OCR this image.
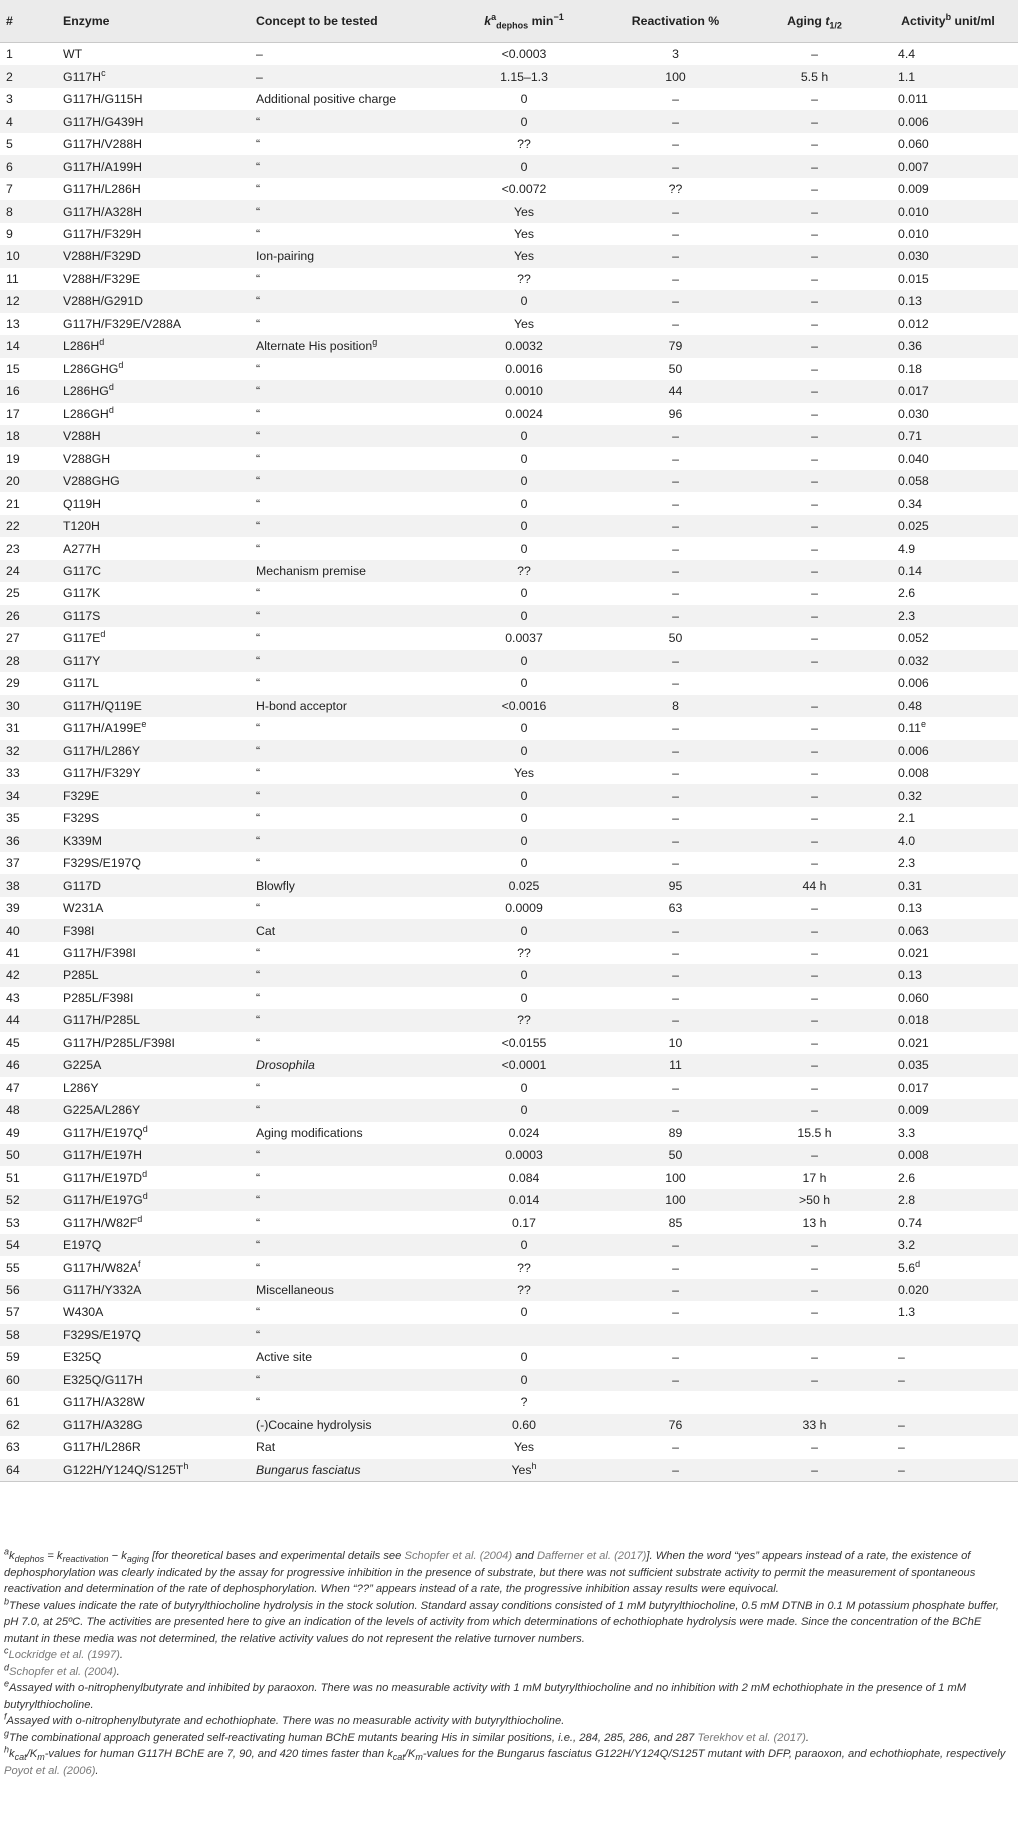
#	Enzyme	Concept to be tested	$k^a_{dephos}$ $\min^{-1}$	Reactivation %	Aging $t_{1/2}$	Activity$^b$ unit/ml
1	WT	–	<0.0003	3	–	4.4
2	$G117H^c$	–	1.15–1.3	100	5.5 h	1.1
3	G117H/G115H	Additional positive charge	0	–	–	0.011
4	G117H/G439H	“	0	–	–	0.006
5	G117H/V288H	“	??	–	–	0.060
6	G117H/A199H	“	0	–	–	0.007
7	G117H/L286H	“	<0.0072	??	–	0.009
8	G117H/A328H	“	Yes	–	–	0.010
9	G117H/F329H	“	Yes	–	–	0.010
10	V288H/F329D	Ion-pairing	Yes	–	–	0.030
11	V288H/F329E	“	??	–	–	0.015
12	V288H/G291D	“	0	–	–	0.13
13	G117H/F329E/V288A	“	Yes	–	–	0.012
14	$L286H^d$	Alternate His position$^g$	0.0032	79	–	0.36
15	L286GHG$^d$	“	0.0016	50	–	0.18
16	$L286HG^d$	“	0.0010	44	–	0.017
17	$L286GH^d$	“	0.0024	96	–	0.030
18	V288H	“	0	–	–	0.71
19	V288GH	“	0	–	–	0.040
20	V288GHG	“	0	–	–	0.058
21	Q119H	“	0	–	–	0.34
22	T120H	“	0	–	–	0.025
23	A277H	“	0	–	–	4.9
24	G117C	Mechanism premise	??	–	–	0.14
25	G117K	“	0	–	–	2.6
26	G117S	“	0	–	–	2.3
27	$G117E^d$	“	0.0037	50	–	0.052
28	G117Y	“	0	–	–	0.032
29	G117L	“	0	–		0.006
30	G117H/Q119E	H-bond acceptor	<0.0016	8	–	0.48
31	$G117H/A199E^e$	“	0	–	–	0.11e
32	G117H/L286Y	“	0	–	–	0.006
33	G117H/F329Y	“	Yes	–	–	0.008
34	F329E	“	0	–	–	0.32
35	F329S	“	0	–	–	2.1
36	K339M	“	0	–	–	4.0
37	F329S/E197Q	“	0	–	–	2.3
38	G117D	Blowfly	0.025	95	44 h	0.31
39	W231A	“	0.0009	63	–	0.13
40	F398I	Cat	0	–	–	0.063
41	G117H/F398I	“	??	–	–	0.021
42	P285L	“	0	–	–	0.13
43	P285L/F398I	“	0	–	–	0.060
44	G117H/P285L	“	??	–	–	0.018
45	G117H/P285L/F398I	“	<0.0155	10	–	0.021
46	G225A	Drosophila	<0.0001	11	–	0.035
47	L286Y	“	0	–	–	0.017
48	G225A/L286Y	“	0	–	–	0.009
49	$G117H/E197Q^d$	Aging modifications	0.024	89	15.5 h	3.3
50	G117H/E197H	“	0.0003	50	–	0.008
51	$G117H/E197D^d$	“	0.084	100	17 h	2.6
52	$G117H/E197G^d$	“	0.014	100	>50 h	2.8
53	$G117H/W82F^d$	“	0.17	85	13 h	0.74
54	E197Q	“	0	–	–	3.2
55	$G117H/W82A^f$	“	??	–	–	5.6$^d$
56	G117H/Y332A	Miscellaneous	??	–	–	0.020
57	W430A	“	0	–	–	1.3
58	F329S/E197Q	“				
59	E325Q	Active site	0	–	–	–
60	E325Q/G117H	“	0	–	–	–
61	G117H/A328W	“	?			
62	G117H/A328G	(-)Cocaine hydrolysis	0.60	76	33 h	–
63	G117H/L286R	Rat	Yes	–	–	–
64	$G122H/Y124Q/S125T^h$	Bungarus fasciatus	Yes$^h$	–	–	–

$^ak_{dephos} = k_{reactivation} - k_{aging}$ [for theoretical bases and experimental details see Schopfer et al. (2004) and Dafferner et al. (2017)]. When the word “yes” appears instead of a rate, the existence of dephosphorylation was clearly indicated by the assay for progressive inhibition in the presence of substrate, but there was not sufficient substrate activity to permit the measurement of spontaneous reactivation and determination of the rate of dephosphorylation. When “??” appears instead of a rate, the progressive inhibition assay results were equivocal.

$^b$These values indicate the rate of butyrylthiocholine hydrolysis in the stock solution. Standard assay conditions consisted of 1 mM butyrylthiocholine, 0.5 mM DTNB in 0.1 M potassium phosphate buffer, pH 7.0, at 25ºC. The activities are presented here to give an indication of the levels of activity from which determinations of echothiophate hydrolysis were made. Since the concentration of the BChE mutant in these media was not determined, the relative activity values do not represent the relative turnover numbers.

$^c$Lockridge et al. (1997).

$^d$Schopfer et al. (2004).

$^e$Assayed with o-nitrophenylbutyrate and inhibited by paraoxon. There was no measurable activity with 1 mM butyrylthiocholine and no inhibition with 2 mM echothiophate in the presence of 1 mM butyrylthiocholine.

$^f$Assayed with o-nitrophenylbutyrate and echothiophate. There was no measurable activity with butyrylthiocholine.

$^g$The combinational approach generated self-reactivating human BChE mutants bearing His in similar positions, i.e., 284, 285, 286, and 287 Terekhov et al. (2017).

$^hk_{cat}/K_m$-values for human G117H BChE are 7, 90, and 420 times faster than $k_{cat}/K_m$-values for the Bungarus fasciatus G122H/Y124Q/S125T mutant with DFP, paraoxon, and echothiophate, respectively Poyot et al. (2006).
